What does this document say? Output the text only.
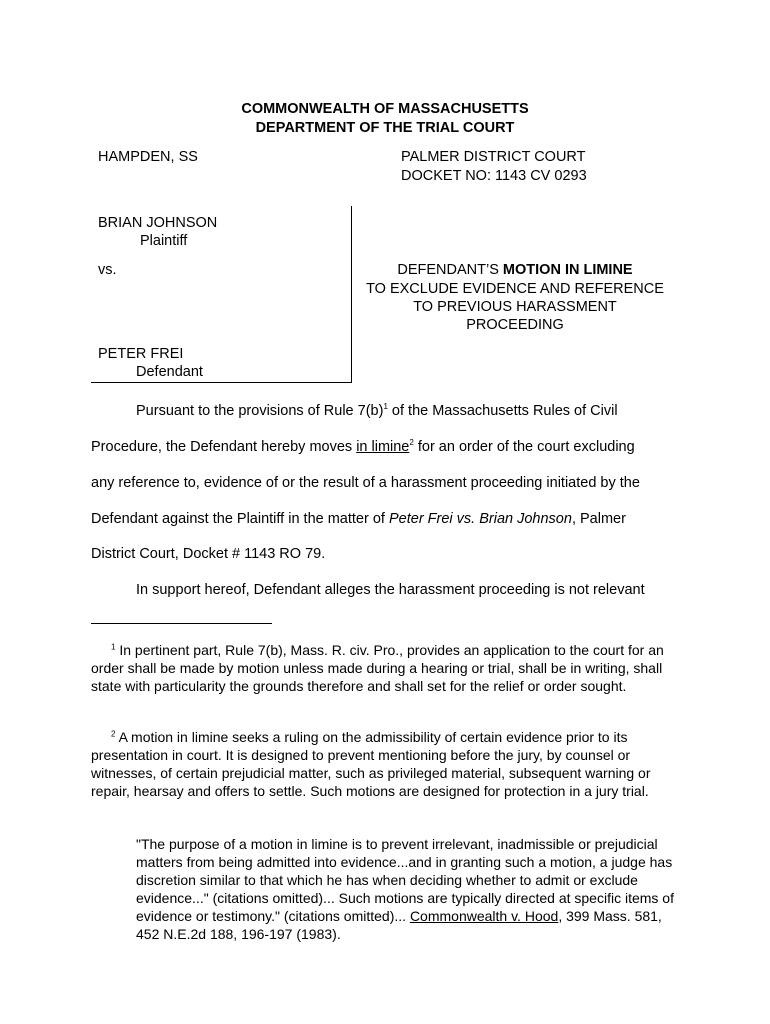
COMMONWEALTH OF MASSACHUSETTS
DEPARTMENT OF THE TRIAL COURT
HAMPDEN, SS	PALMER DISTRICT COURT
DOCKET NO: 1143 CV 0293
BRIAN JOHNSON
Plaintiff
vs.
PETER FREI
Defendant
DEFENDANT’S MOTION IN LIMINE
TO EXCLUDE EVIDENCE AND REFERENCE
TO PREVIOUS HARASSMENT
PROCEEDING
Pursuant to the provisions of Rule $7(b)^1$ of the Massachusetts Rules of Civil
Procedure, the Defendant hereby moves in limine$^2$ for an order of the court excluding
any reference to, evidence of or the result of a harassment proceeding initiated by the
Defendant against the Plaintiff in the matter of Peter Frei vs. Brian Johnson, Palmer
District Court, Docket # 1143 RO 79.
In support hereof, Defendant alleges the harassment proceeding is not relevant
$^1$ In pertinent part, Rule 7(b), Mass. R. civ. Pro., provides an application to the court for an order shall be made by motion unless made during a hearing or trial, shall be in writing, shall state with particularity the grounds therefore and shall set for the relief or order sought.
$^2$ A motion in limine seeks a ruling on the admissibility of certain evidence prior to its presentation in court. It is designed to prevent mentioning before the jury, by counsel or witnesses, of certain prejudicial matter, such as privileged material, subsequent warning or repair, hearsay and offers to settle. Such motions are designed for protection in a jury trial.
"The purpose of a motion in limine is to prevent irrelevant, inadmissible or prejudicial matters from being admitted into evidence...and in granting such a motion, a judge has discretion similar to that which he has when deciding whether to admit or exclude evidence..." (citations omitted)... Such motions are typically directed at specific items of evidence or testimony." (citations omitted)... Commonwealth v. Hood, 399 Mass. 581, 452 N.E.2d 188, 196-197 (1983).
